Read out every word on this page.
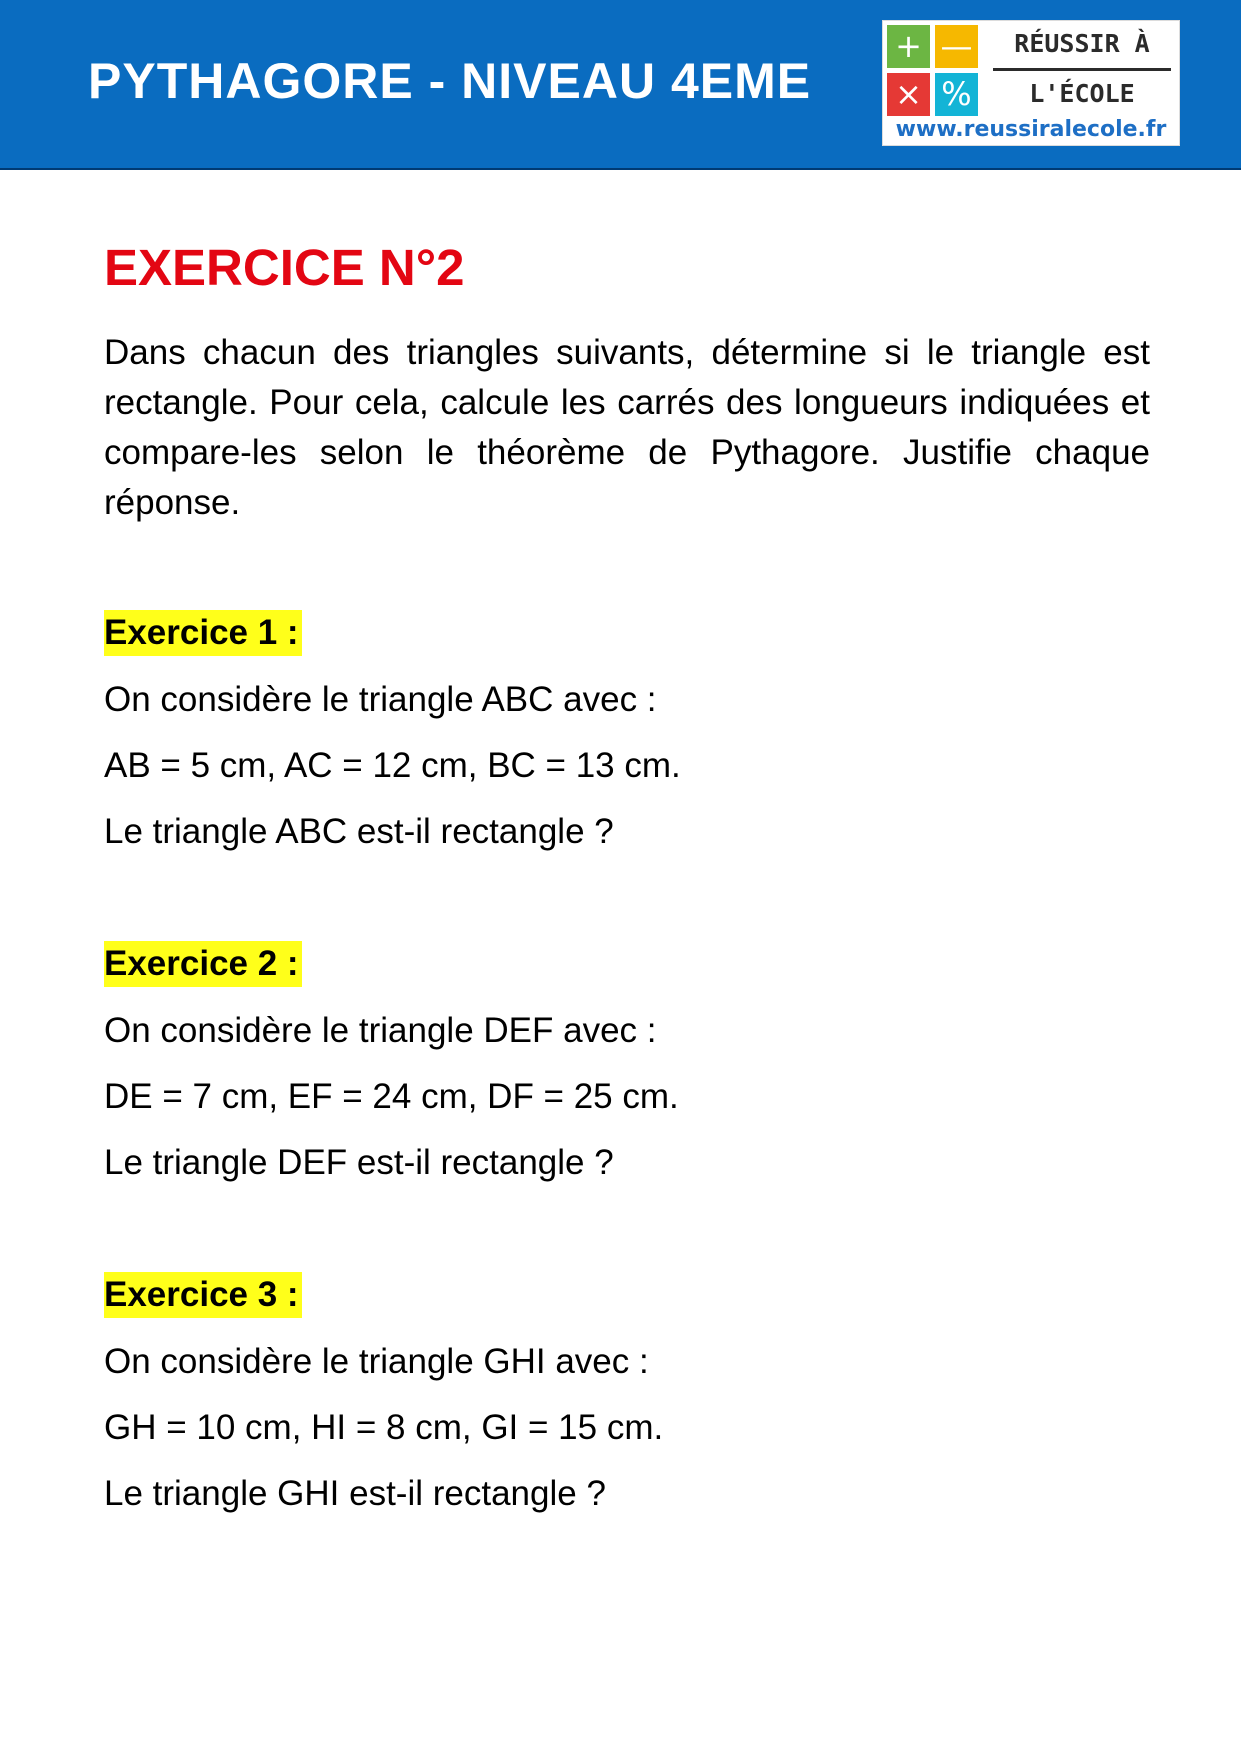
PYTHAGORE - NIVEAU 4EME
+ —
× %
RÉUSSIR À
L'ÉCOLE
www.reussiralecole.fr
EXERCICE N°2

Dans chacun des triangles suivants, détermine si le triangle est rectangle. Pour cela, calcule les carrés des longueurs indiquées et compare-les selon le théorème de Pythagore. Justifie chaque réponse.

Exercice 1 :
On considère le triangle ABC avec :
AB = 5 cm, AC = 12 cm, BC = 13 cm.
Le triangle ABC est-il rectangle ?
Exercice 2 :
On considère le triangle DEF avec :
DE = 7 cm, EF = 24 cm, DF = 25 cm.
Le triangle DEF est-il rectangle ?
Exercice 3 :
On considère le triangle GHI avec :
GH = 10 cm, HI = 8 cm, GI = 15 cm.
Le triangle GHI est-il rectangle ?
